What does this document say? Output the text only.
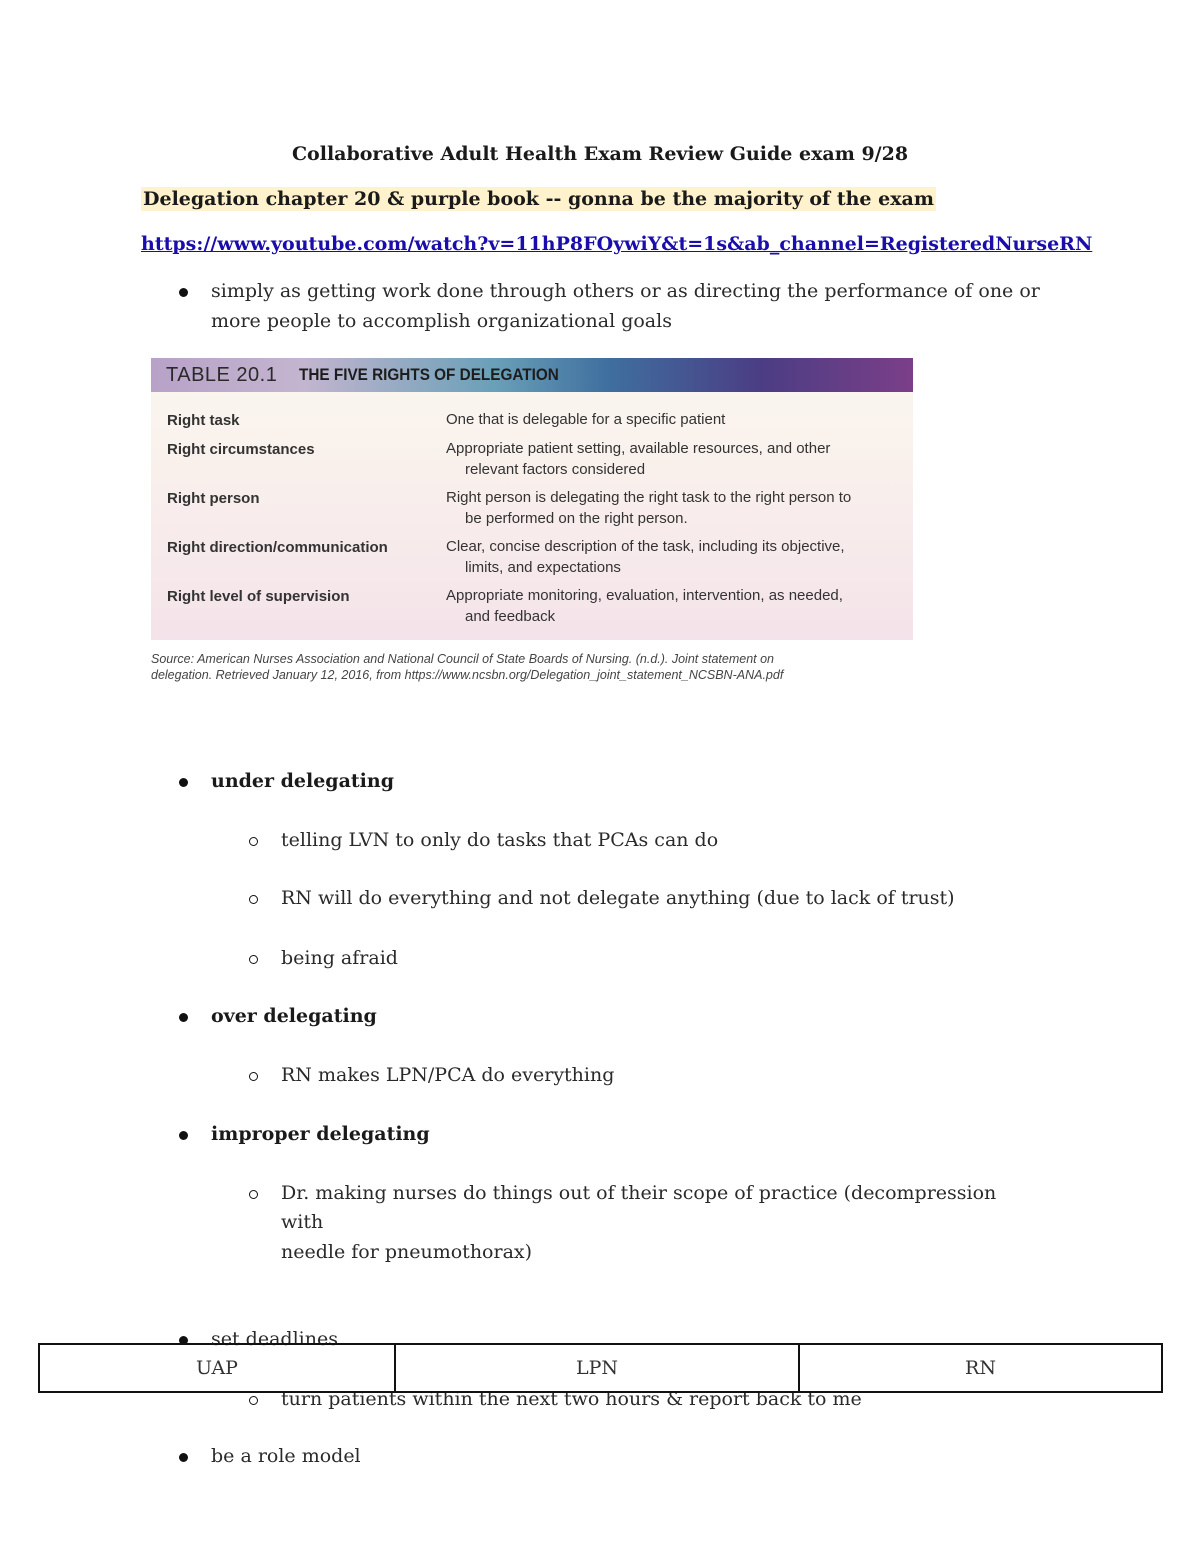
Collaborative Adult Health Exam Review Guide exam 9/28
Delegation chapter 20 & purple book -- gonna be the majority of the exam
https://www.youtube.com/watch?v=11hP8FOywiY&t=1s&ab_channel=RegisteredNurseRN
simply as getting work done through others or as directing the performance of one or
more people to accomplish organizational goals
TABLE 20.1 THE FIVE RIGHTS OF DELEGATION
Right task	One that is delegable for a specific patient
Right circumstances	Appropriate patient setting, available resources, and other
relevant factors considered
Right person	Right person is delegating the right task to the right person to
be performed on the right person.
Right direction/communication	Clear, concise description of the task, including its objective,
limits, and expectations
Right level of supervision	Appropriate monitoring, evaluation, intervention, as needed,
and feedback
Source: American Nurses Association and National Council of State Boards of Nursing. (n.d.). Joint statement on
delegation. Retrieved January 12, 2016, from https://www.ncsbn.org/Delegation_joint_statement_NCSBN-ANA.pdf
under delegating
telling LVN to only do tasks that PCAs can do
RN will do everything and not delegate anything (due to lack of trust)
being afraid
over delegating
RN makes LPN/PCA do everything
improper delegating
Dr. making nurses do things out of their scope of practice (decompression with
needle for pneumothorax)
set deadlines
turn patients within the next two hours & report back to me
be a role model
UAP	LPN	RN
